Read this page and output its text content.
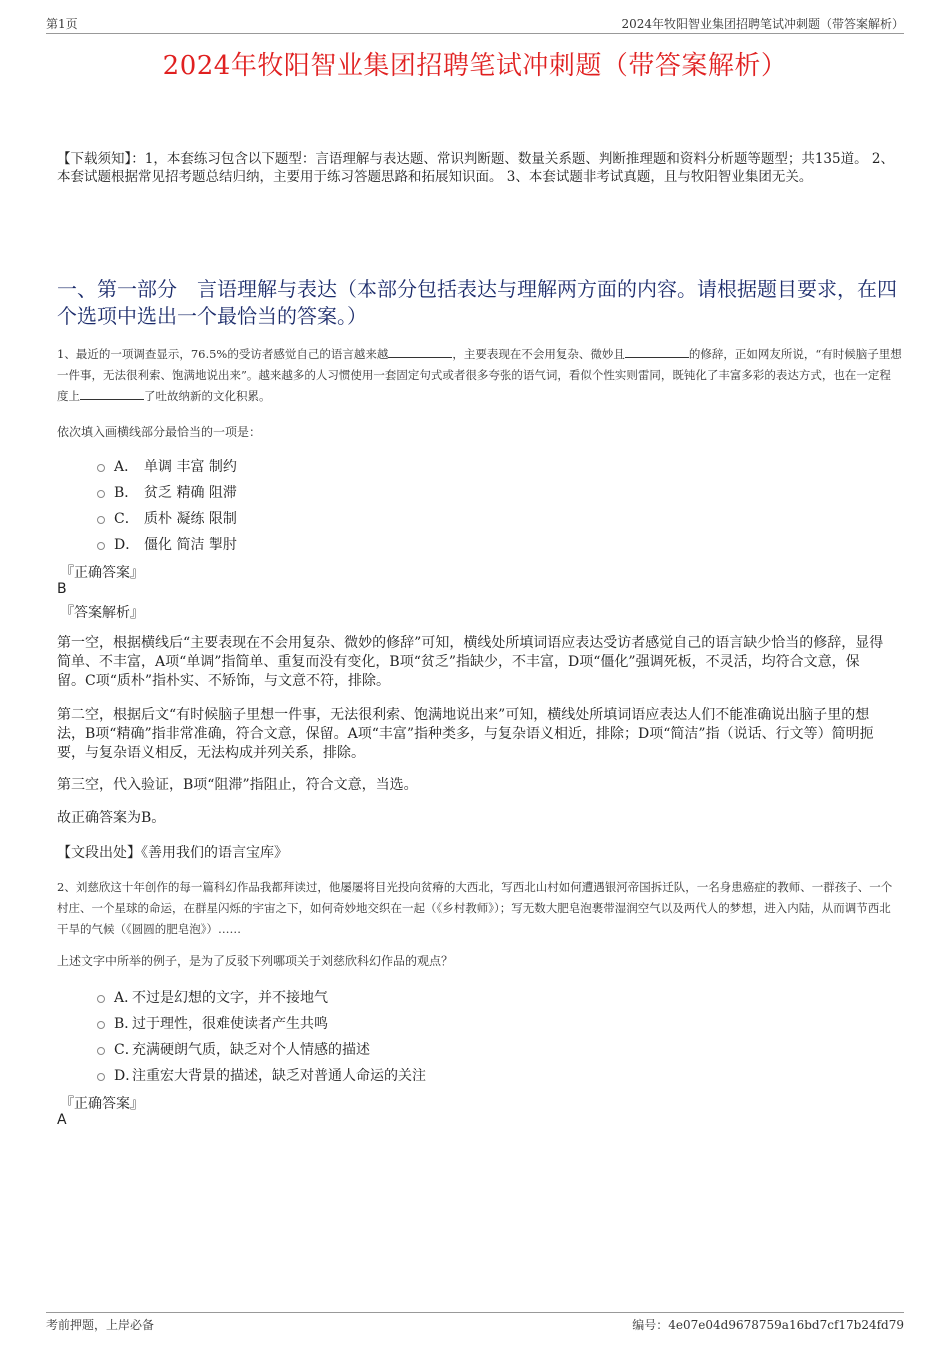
第1页	2024年牧阳智业集团招聘笔试冲刺题（带答案解析）
2024年牧阳智业集团招聘笔试冲刺题（带答案解析）
【下载须知】：1，本套练习包含以下题型：言语理解与表达题、常识判断题、数量关系题、判断推理题和资料分析题等题型；共135道。 2、本套试题根据常见招考题总结归纳，主要用于练习答题思路和拓展知识面。 3、本套试题非考试真题，且与牧阳智业集团无关。
一、第一部分　言语理解与表达（本部分包括表达与理解两方面的内容。请根据题目要求，在四个选项中选出一个最恰当的答案。）
1、最近的一项调查显示，76.5%的受访者感觉自己的语言越来越	，主要表现在不会用复杂、微妙且	的修辞，正如网友所说，“有时候脑子里想一件事，无法很利索、饱满地说出来”。越来越多的人习惯使用一套固定句式或者很多夸张的语气词，看似个性实则雷同，既钝化了丰富多彩的表达方式，也在一定程度上	了吐故纳新的文化积累。
依次填入画横线部分最恰当的一项是：
A． 单调 丰富 制约
B． 贫乏 精确 阻滞
C． 质朴 凝练 限制
D． 僵化 简洁 掣肘
『正确答案』
B
『答案解析』
第一空，根据横线后“主要表现在不会用复杂、微妙的修辞”可知，横线处所填词语应表达受访者感觉自己的语言缺少恰当的修辞，显得简单、不丰富，A项“单调”指简单、重复而没有变化，B项“贫乏”指缺少，不丰富，D项“僵化”强调死板，不灵活，均符合文意，保留。C项“质朴”指朴实、不矫饰，与文意不符，排除。
第二空，根据后文“有时候脑子里想一件事，无法很利索、饱满地说出来”可知，横线处所填词语应表达人们不能准确说出脑子里的想法，B项“精确”指非常准确，符合文意，保留。A项“丰富”指种类多，与复杂语义相近，排除；D项“简洁”指（说话、行文等）简明扼要，与复杂语义相反，无法构成并列关系，排除。
第三空，代入验证，B项“阻滞”指阻止，符合文意，当选。
故正确答案为B。
【文段出处】《善用我们的语言宝库》
2、刘慈欣这十年创作的每一篇科幻作品我都拜读过，他屡屡将目光投向贫瘠的大西北，写西北山村如何遭遇银河帝国拆迁队，一名身患癌症的教师、一群孩子、一个村庄、一个星球的命运，在群星闪烁的宇宙之下，如何奇妙地交织在一起（《乡村教师》）；写无数大肥皂泡裹带湿润空气以及两代人的梦想，进入内陆，从而调节西北干旱的气候（《圆圆的肥皂泡》）……
上述文字中所举的例子，是为了反驳下列哪项关于刘慈欣科幻作品的观点？
A．
不过是幻想的文字，并不接地气
B．
过于理性，很难使读者产生共鸣
C．
充满硬朗气质，缺乏对个人情感的描述
D．
注重宏大背景的描述，缺乏对普通人命运的关注
『正确答案』
A
考前押题，上岸必备	编号：4e07e04d9678759a16bd7cf17b24fd79
